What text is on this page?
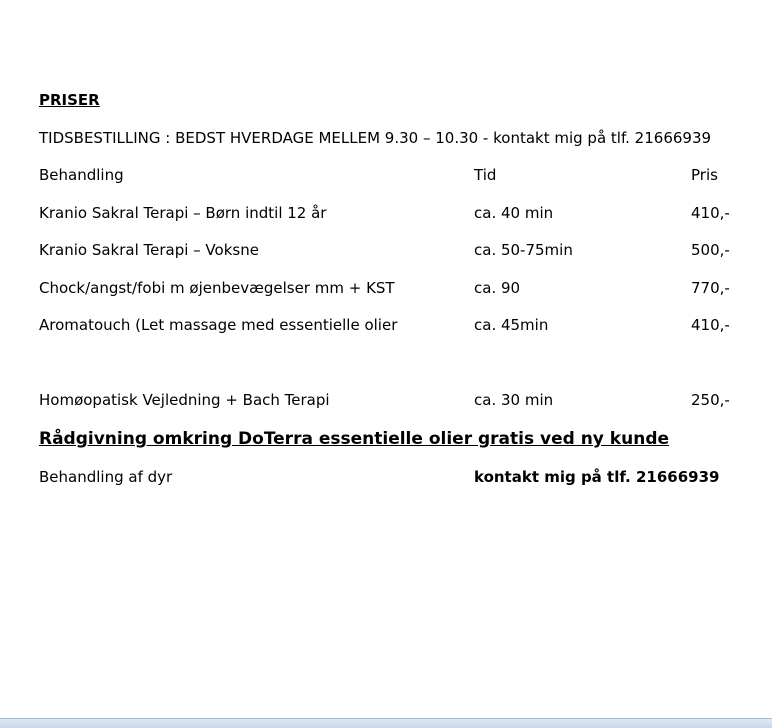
PRISER
TIDSBESTILLING : BEDST HVERDAGE MELLEM 9.30 – 10.30 - kontakt mig på tlf. 21666939
Behandling	Tid	Pris
Kranio Sakral Terapi – Børn indtil 12 år	ca. 40 min	410,-
Kranio Sakral Terapi – Voksne	ca. 50-75min	500,-
Chock/angst/fobi m øjenbevægelser mm + KST	ca. 90	770,-
Aromatouch (Let massage med essentielle olier	ca. 45min	410,-
Homøopatisk Vejledning + Bach Terapi	ca. 30 min	250,-
Rådgivning omkring DoTerra essentielle olier gratis ved ny kunde
Behandling af dyr	kontakt mig på tlf. 21666939
